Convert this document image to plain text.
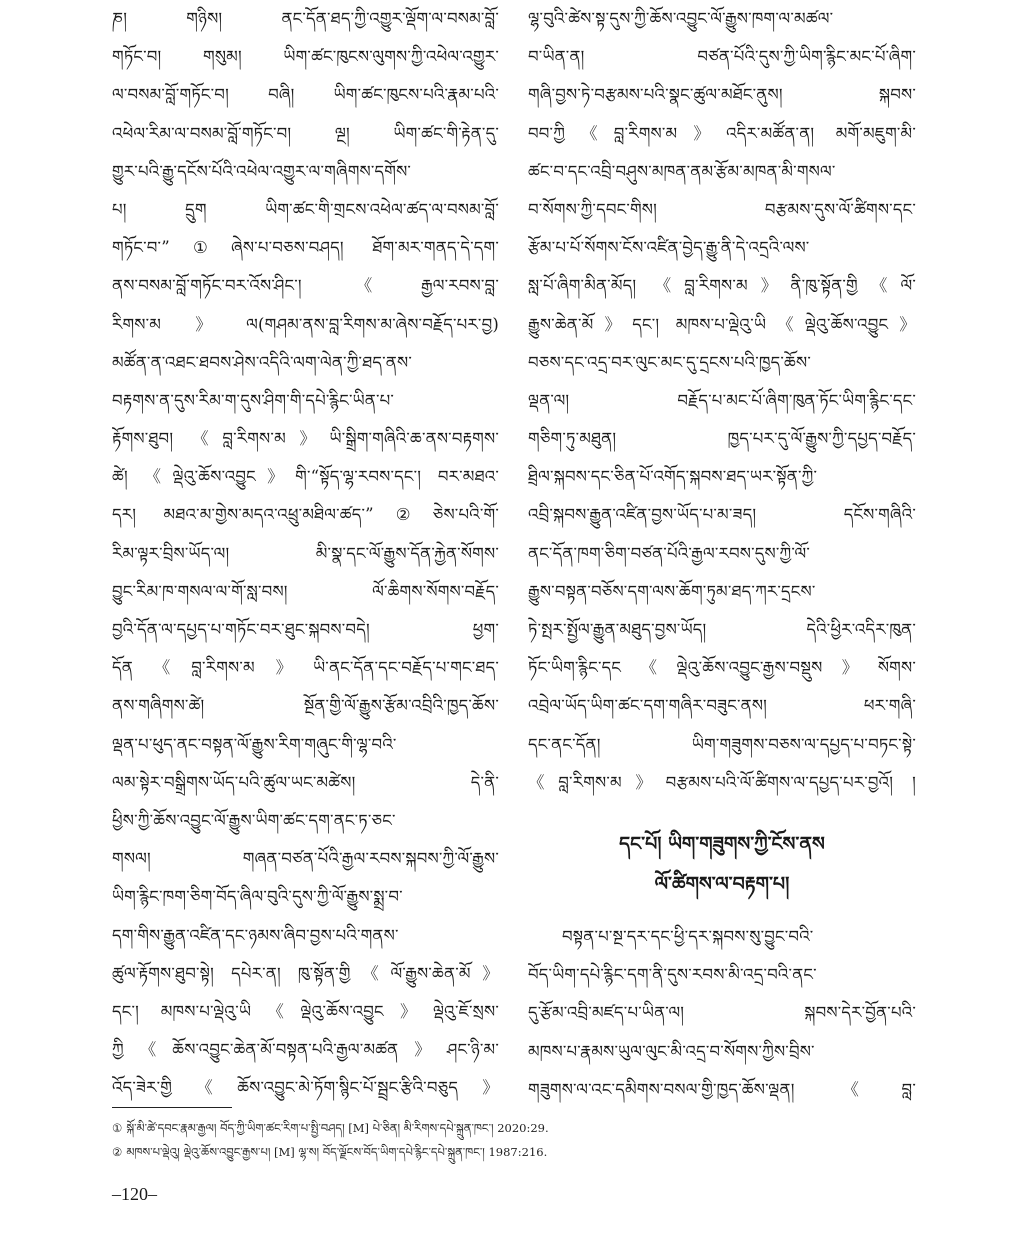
ཎ། གཉིས། ནང་དོན་ཐད་ཀྱི་འགྱུར་ལྡོག་ལ་བསམ་བློ་
གཏོང་བ། གསུམ། ཡིག་ཚང་ཁུངས་ལུགས་ཀྱི་འཕེལ་འགྱུར་
ལ་བསམ་བློ་གཏོང་བ། བཞི། ཡིག་ཚང་ཁུངས་པའི་རྣམ་པའི་
འཕེལ་རིམ་ལ་བསམ་བློ་གཏོང་བ། ལྔ། ཡིག་ཚང་གི་རྟེན་དུ་
གྱུར་པའི་རྒྱུ་དངོས་པོའི་འཕེལ་འགྱུར་ལ་གཞིགས་དགོས་
པ། དྲུག ཡིག་ཚང་གི་གྲངས་འཕེལ་ཚད་ལ་བསམ་བློ་
གཏོང་བ་”①ཞེས་པ་བཅས་བཤད། ཐོག་མར་གནད་དེ་དག་
ནས་བསམ་བློ་གཏོང་བར་འོས་ཤིང་། 《རྒྱལ་རབས་བླ་
རིགས་མ》ལ(གཤམ་ནས་བླ་རིགས་མ་ཞེས་བརྗོད་པར་བྱ)
མཚོན་ན་འཐང་ཐབས་ཤེས་འདིའི་ལག་ལེན་ཀྱི་ཐད་ནས་
བརྟགས་ན་དུས་རིམ་ག་དུས་ཤིག་གི་དཔེ་རྙིང་ཡིན་པ་
རྟོགས་ཐུབ། 《བླ་རིགས་མ》ཡི་སྒྲིག་གཞིའི་ཆ་ནས་བརྟགས་
ཚེ། 《ལྡེའུ་ཆོས་འབྱུང》གི་“སྟོད་ལྷ་རབས་དང་། བར་མཐའ་
དར། མཐའ་མ་གྱེས་མདའ་འཕྲུ་མཐིལ་ཚད་”②ཅེས་པའི་གོ་
རིམ་ལྟར་བྲིས་ཡོད་ལ། མི་སྣ་དང་ལོ་རྒྱུས་དོན་རྐྱེན་སོགས་
བྱུང་རིམ་ཁ་གསལ་ལ་གོ་སླ་བས། ལོ་ཆིགས་སོགས་བརྗོད་
བྱའི་དོན་ལ་དཔྱད་པ་གཏོང་བར་ཐུང་སྐབས་བདེ། ཕྱག་
དོན《བླ་རིགས་མ》ཡི་ནང་དོན་དང་བརྗོད་པ་གང་ཐད་
ནས་གཞིགས་ཚེ། སྔོན་གྱི་ལོ་རྒྱུས་རྩོམ་འབྲིའི་ཁྱད་ཆོས་
ལྡན་པ་ཕུད་ནང་བསྟན་ལོ་རྒྱུས་རིག་གཞུང་གི་ལྷ་བའི་
ལམ་སྟེར་བསྒྲིགས་ཡོད་པའི་ཚུལ་ཡང་མཚེས། དེ་ནི་
ཕྱིས་ཀྱི་ཆོས་འབྱུང་ལོ་རྒྱུས་ཡིག་ཚང་དག་ནང་ཏ་ཅང་
གསལ། གཞན་བཙན་པོའི་རྒྱལ་རབས་སྐབས་ཀྱི་ལོ་རྒྱུས་
ཡིག་རྙིང་ཁག་ཅིག་བོད་ཞིལ་བུའི་དུས་ཀྱི་ལོ་རྒྱུས་སྨྲ་བ་
དག་གིས་རྒྱུན་འཛིན་དང་ཉམས་ཞིབ་བྱས་པའི་གནས་
ཚུལ་རྟོགས་ཐུབ་སྟེ། དཔེར་ན། ཁུ་སྟོན་གྱི《ལོ་རྒྱུས་ཆེན་མོ》
དང་། མཁས་པ་ལྡེའུ་ཡི《ལྡེའུ་ཆོས་འབྱུང》ལྡེའུ་ཇོ་སྲས་
ཀྱི《ཆོས་འབྱུང་ཆེན་མོ་བསྟན་པའི་རྒྱལ་མཚན》ཤང་ཉི་མ་
འོད་ཟེར་གྱི《ཆོས་འབྱུང་མེ་ཏོག་སྙིང་པོ་སྦྲང་རྩིའི་བཅུད》
ལྷ་བུའི་ཚེས་སྟ་དུས་ཀྱི་ཆོས་འབྱུང་ལོ་རྒྱུས་ཁག་ལ་མཚལ་
བ་ཡིན་ན། བཙན་པོའི་དུས་ཀྱི་ཡིག་རྙིང་མང་པོ་ཞིག་
གཞི་བྱས་ཏེ་བརྩམས་པའི་སྣང་ཚུལ་མཐོང་ནུས། སྐབས་
བབ་ཀྱི《བླ་རིགས་མ》འདིར་མཚོན་ན། མགོ་མཇུག་མི་
ཚང་བ་དང་འབྲི་བཤུས་མཁན་ནམ་རྩོམ་མཁན་མི་གསལ་
བ་སོགས་ཀྱི་དབང་གིས། བརྩམས་དུས་ལོ་ཚིགས་དང་
རྩོམ་པ་པོ་སོགས་ངོས་འཛིན་བྱེད་རྒྱུ་ནི་དེ་འདྲའི་ལས་
སླ་པོ་ཞིག་མིན་མོད། 《བླ་རིགས་མ》ནི་ཁུ་སྟོན་གྱི《ལོ་
རྒྱུས་ཆེན་མོ》དང་། མཁས་པ་ལྡེའུ་ཡི《ལྡེའུ་ཆོས་འབྱུང》
བཅས་དང་འདྲ་བར་ལུང་མང་དུ་དྲངས་པའི་ཁྱད་ཆོས་
ལྡན་ལ། བརྗོད་པ་མང་པོ་ཞིག་ཁུན་ཏོང་ཡིག་རྙིང་དང་
གཅིག་ཏུ་མཐུན། ཁྱད་པར་དུ་ལོ་རྒྱུས་ཀྱི་དཔྱད་བརྗོད་
ཐྲིལ་སྐབས་དང་ཅིན་པོ་འགོད་སྐབས་ཐད་ཡར་སྟོན་ཀྱི་
འབྲི་སྐབས་རྒྱུན་འཛིན་བྱས་ཡོད་པ་མ་ཟད། དངོས་གཞིའི་
ནང་དོན་ཁག་ཅིག་བཙན་པོའི་རྒྱལ་རབས་དུས་ཀྱི་ལོ་
རྒྱུས་བསྟན་བཅོས་དག་ལས་ཆོག་ཏུམ་ཐད་ཀར་དྲངས་
ཏེ་སྤར་སྤྱོལ་རྒྱུན་མཐུད་བྱས་ཡོད། དེའི་ཕྱིར་འདིར་ཁུན་
ཏོང་ཡིག་རྙིང་དང《ལྡེའུ་ཆོས་འབྱུང་རྒྱས་བསྡུས》སོགས་
འབྲེལ་ཡོད་ཡིག་ཚང་དག་གཞིར་བཟུང་ནས། ཕར་གཞི་
དང་ནང་དོན། ཡིག་གཟུགས་བཅས་ལ་དཔྱད་པ་བཏང་སྟེ་
《བླ་རིགས་མ》བརྩམས་པའི་ལོ་ཚིགས་ལ་དཔྱད་པར་བྱའོ། །
དང་པོ། ཡིག་གཟུགས་ཀྱི་ངོས་ནས
ལོ་ཚིགས་ལ་བརྟག་པ།
བསྟན་པ་སྔ་དར་དང་ཕྱི་དར་སྐབས་སུ་བྱུང་བའི་
བོད་ཡིག་དཔེ་རྙིང་དག་ནི་དུས་རབས་མི་འདྲ་བའི་ནང་
དུ་རྩོམ་འབྲི་མཛད་པ་ཡིན་ལ། སྐབས་དེར་བྱོན་པའི་
མཁས་པ་རྣམས་ཡུལ་ལུང་མི་འདྲ་བ་སོགས་ཀྱིས་བྲིས་
གཟུགས་ལ་འང་དམིགས་བསལ་གྱི་ཁྱད་ཆོས་ལྡན། 《བླ་
① སྐོ་མི་ཚེ་དབང་རྣམ་རྒྱལ། བོད་ཀྱི་ཡིག་ཚང་རིག་པ་སྤྱི་བཤད། [M] པེ་ཅིན། མི་རིགས་དཔེ་སྐྲུན་ཁང་། 2020:29.
② མཁས་པ་ལྡེའུ། ལྡེའུ་ཆོས་འབྱུང་རྒྱས་པ། [M] ལྷ་ས། བོད་ལྗོངས་བོད་ཡིག་དཔེ་རྙིང་དཔེ་སྐྲུན་ཁང་། 1987:216.
–120–
